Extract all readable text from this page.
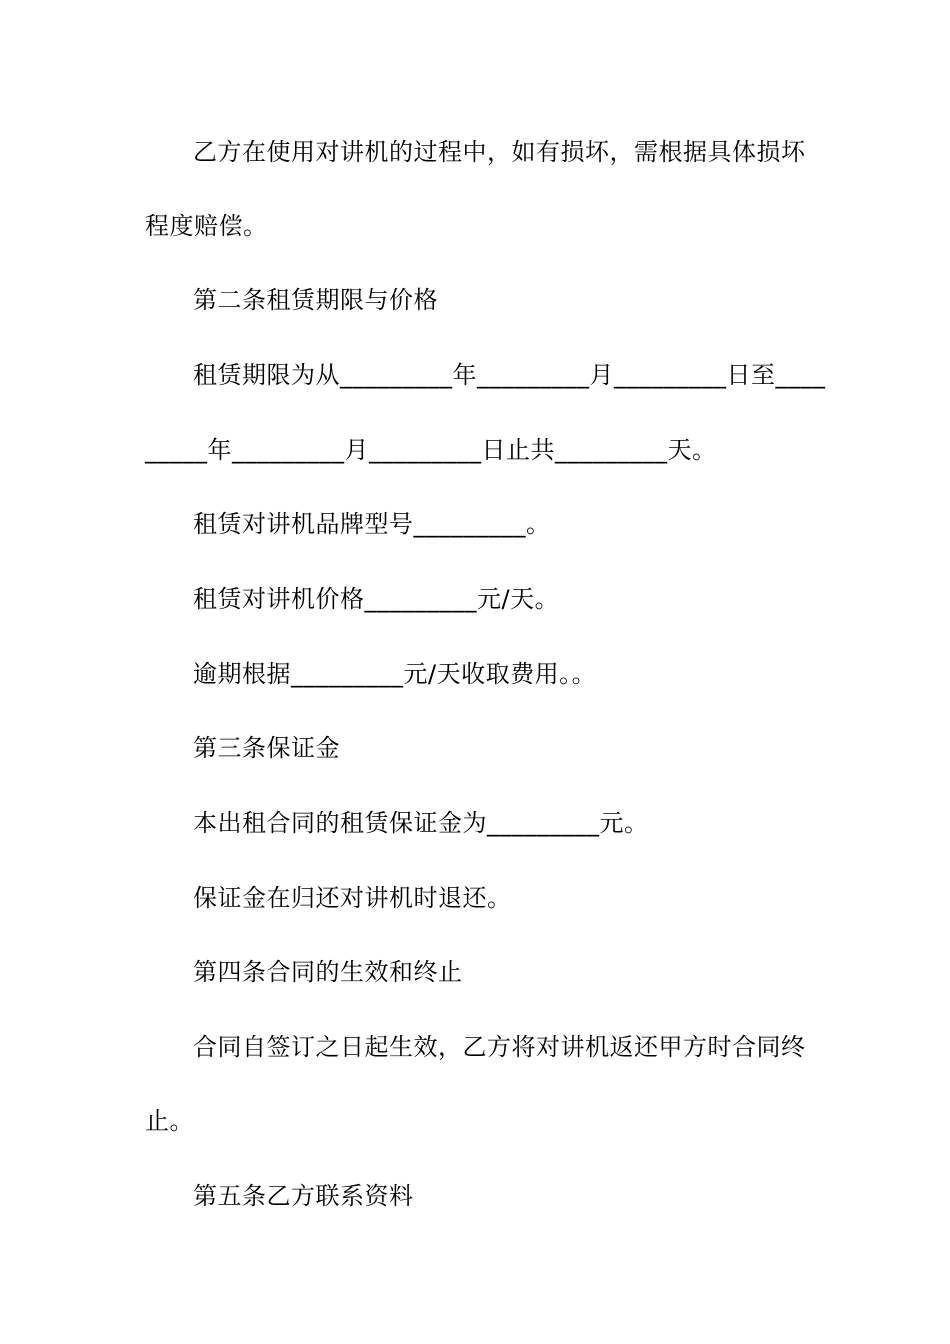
乙方在使用对讲机的过程中，如有损坏，需根据具体损坏
程度赔偿。
第二条租赁期限与价格
租赁期限为从_________年_________月_________日至____
_____年_________月_________日止共_________天。
租赁对讲机品牌型号_________。
租赁对讲机价格_________元/天。
逾期根据_________元/天收取费用。。
第三条保证金
本出租合同的租赁保证金为_________元。
保证金在归还对讲机时退还。
第四条合同的生效和终止
合同自签订之日起生效，乙方将对讲机返还甲方时合同终
止。
第五条乙方联系资料
